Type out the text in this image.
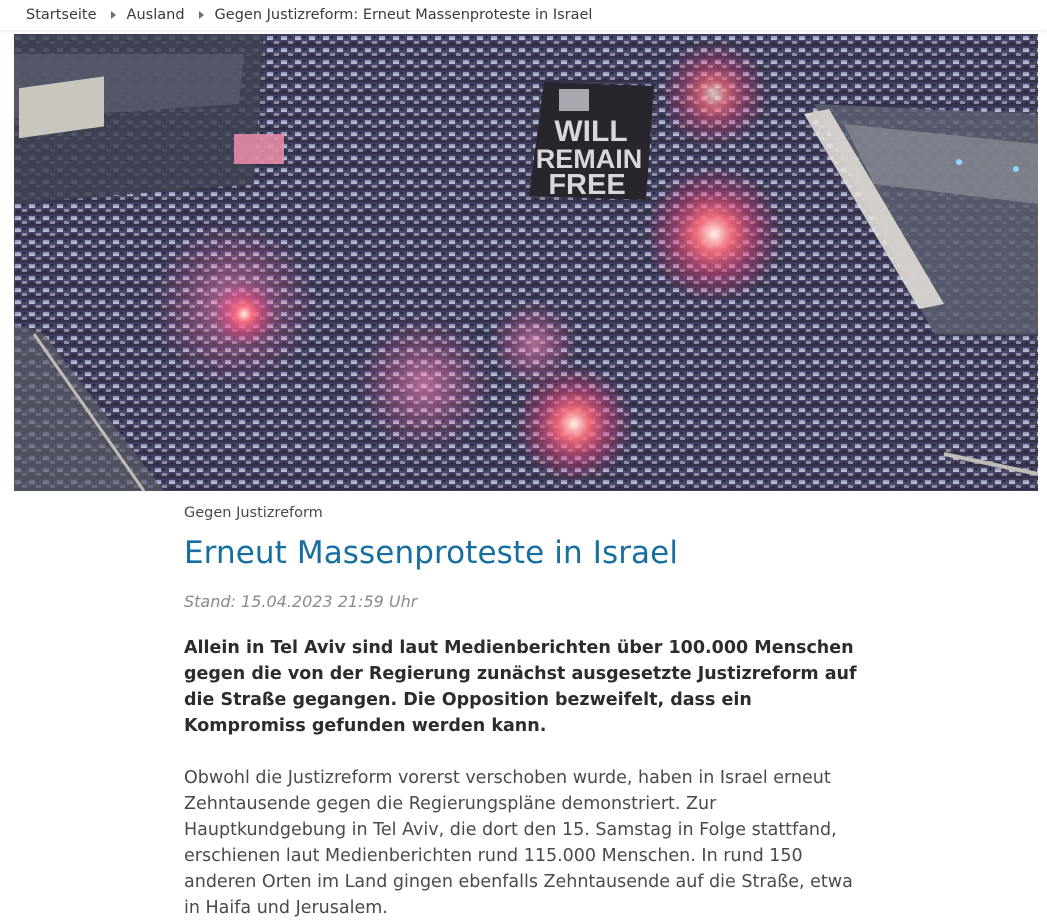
Startseite Ausland Gegen Justizreform: Erneut Massenproteste in Israel
WILL
REMAIN
FREE

Gegen Justizreform

Erneut Massenproteste in Israel

Stand: 15.04.2023 21:59 Uhr

Allein in Tel Aviv sind laut Medienberichten über 100.000 Menschen gegen die von der Regierung zunächst ausgesetzte Justizreform auf die Straße gegangen. Die Opposition bezweifelt, dass ein Kompromiss gefunden werden kann.

Obwohl die Justizreform vorerst verschoben wurde, haben in Israel erneut Zehntausende gegen die Regierungspläne demonstriert. Zur Hauptkundgebung in Tel Aviv, die dort den 15. Samstag in Folge stattfand, erschienen laut Medienberichten rund 115.000 Menschen. In rund 150 anderen Orten im Land gingen ebenfalls Zehntausende auf die Straße, etwa in Haifa und Jerusalem.
